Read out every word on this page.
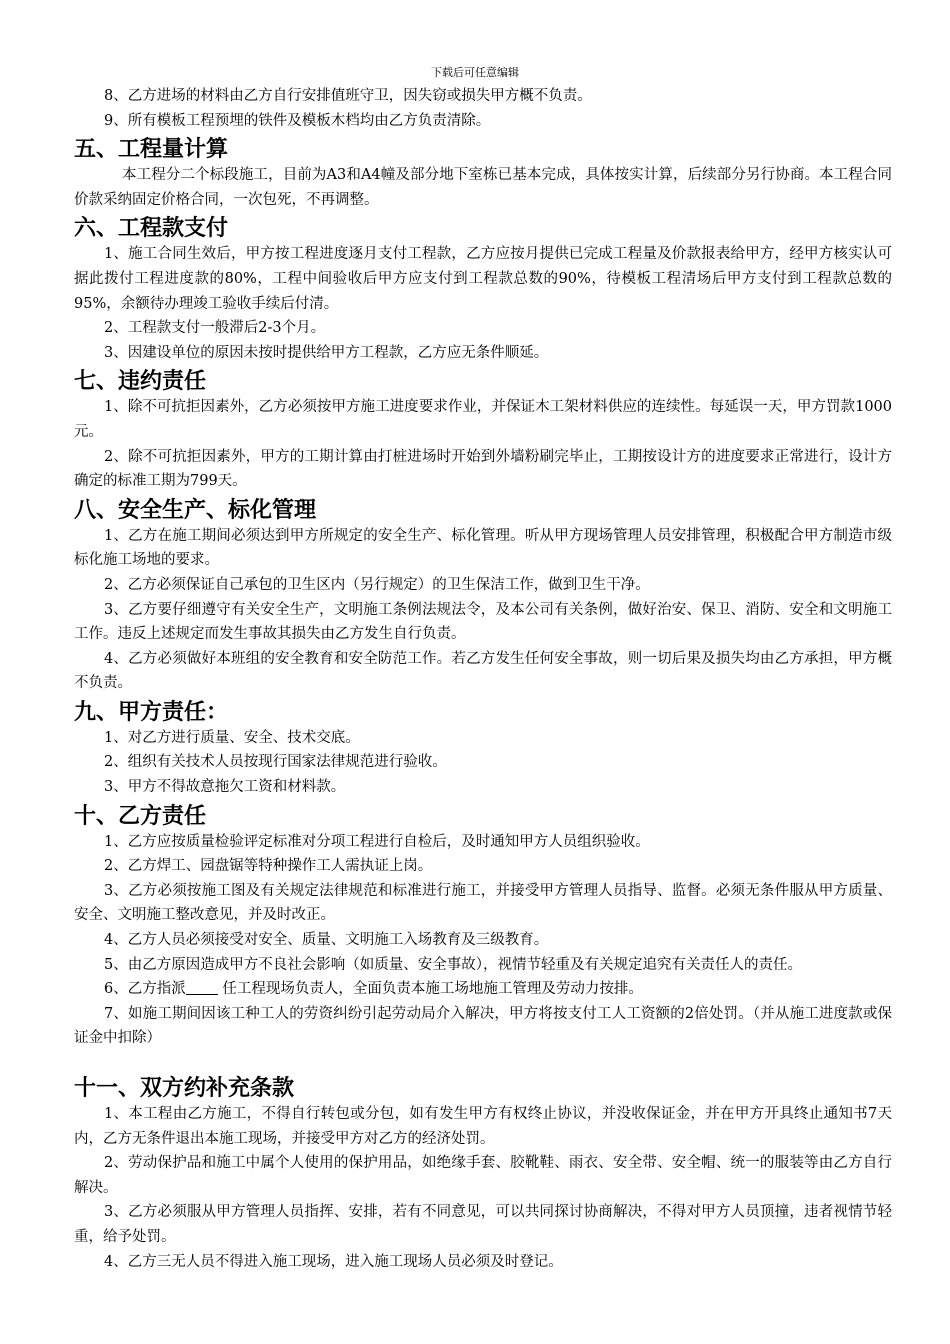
下载后可任意编辑

8、乙方进场的材料由乙方自行安排值班守卫，因失窃或损失甲方概不负责。

9、所有模板工程预埋的铁件及模板木档均由乙方负责清除。

五、工程量计算

本工程分二个标段施工，目前为A3和A4幢及部分地下室栋已基本完成，具体按实计算，后续部分另行协商。本工程合同价款采纳固定价格合同，一次包死，不再调整。

六、工程款支付

1、施工合同生效后，甲方按工程进度逐月支付工程款，乙方应按月提供已完成工程量及价款报表给甲方，经甲方核实认可据此拨付工程进度款的80%，工程中间验收后甲方应支付到工程款总数的90%，待模板工程清场后甲方支付到工程款总数的95%，余额待办理竣工验收手续后付清。

2、工程款支付一般滞后2-3个月。

3、因建设单位的原因未按时提供给甲方工程款，乙方应无条件顺延。

七、违约责任

1、除不可抗拒因素外，乙方必须按甲方施工进度要求作业，并保证木工架材料供应的连续性。每延误一天，甲方罚款1000元。

2、除不可抗拒因素外，甲方的工期计算由打桩进场时开始到外墙粉刷完毕止，工期按设计方的进度要求正常进行，设计方确定的标准工期为799天。

八、安全生产、标化管理

1、乙方在施工期间必须达到甲方所规定的安全生产、标化管理。听从甲方现场管理人员安排管理，积极配合甲方制造市级标化施工场地的要求。

2、乙方必须保证自己承包的卫生区内（另行规定）的卫生保洁工作，做到卫生干净。

3、乙方要仔细遵守有关安全生产，文明施工条例法规法令，及本公司有关条例，做好治安、保卫、消防、安全和文明施工工作。违反上述规定而发生事故其损失由乙方发生自行负责。

4、乙方必须做好本班组的安全教育和安全防范工作。若乙方发生任何安全事故，则一切后果及损失均由乙方承担，甲方概不负责。

九、甲方责任：

1、对乙方进行质量、安全、技术交底。

2、组织有关技术人员按现行国家法律规范进行验收。

3、甲方不得故意拖欠工资和材料款。

十、乙方责任

1、乙方应按质量检验评定标准对分项工程进行自检后，及时通知甲方人员组织验收。

2、乙方焊工、园盘锯等特种操作工人需执证上岗。

3、乙方必须按施工图及有关规定法律规范和标准进行施工，并接受甲方管理人员指导、监督。必须无条件服从甲方质量、安全、文明施工整改意见，并及时改正。

4、乙方人员必须接受对安全、质量、文明施工入场教育及三级教育。

5、由乙方原因造成甲方不良社会影响（如质量、安全事故），视情节轻重及有关规定追究有关责任人的责任。

6、乙方指派	任工程现场负责人，全面负责本施工场地施工管理及劳动力按排。

7、如施工期间因该工种工人的劳资纠纷引起劳动局介入解决，甲方将按支付工人工资额的2倍处罚。（并从施工进度款或保证金中扣除）

十一、双方约补充条款

1、本工程由乙方施工，不得自行转包或分包，如有发生甲方有权终止协议，并没收保证金，并在甲方开具终止通知书7天内，乙方无条件退出本施工现场，并接受甲方对乙方的经济处罚。

2、劳动保护品和施工中属个人使用的保护用品，如绝缘手套、胶靴鞋、雨衣、安全带、安全帽、统一的服装等由乙方自行解决。

3、乙方必须服从甲方管理人员指挥、安排，若有不同意见，可以共同探讨协商解决，不得对甲方人员顶撞，违者视情节轻重，给予处罚。

4、乙方三无人员不得进入施工现场，进入施工现场人员必须及时登记。
